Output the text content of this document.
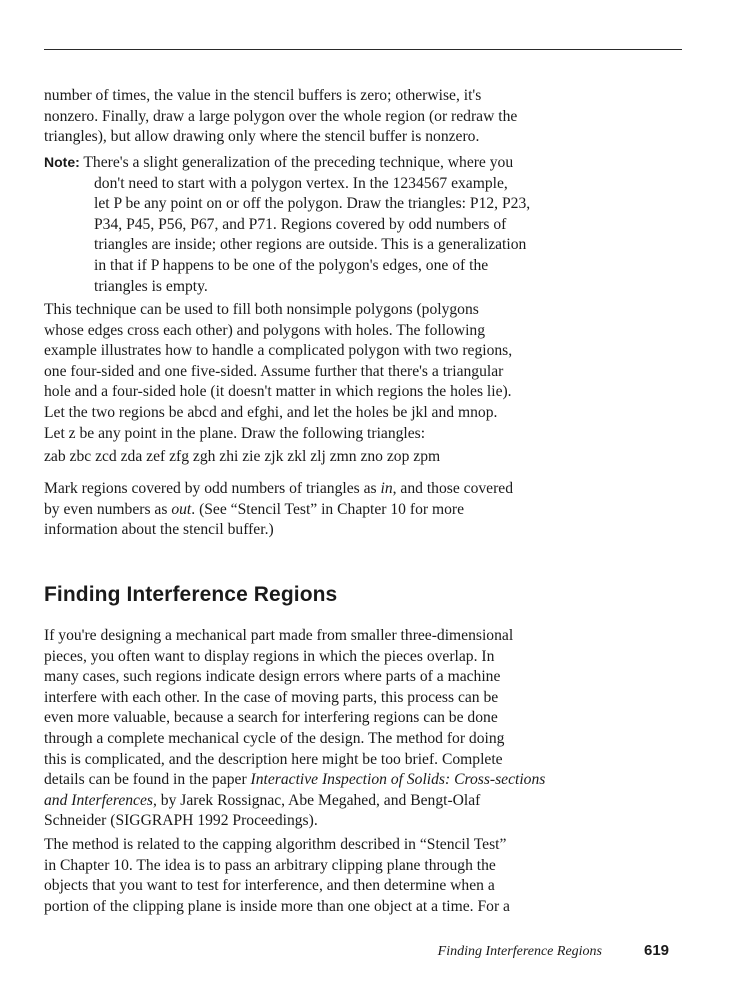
number of times, the value in the stencil buffers is zero; otherwise, it's
nonzero. Finally, draw a large polygon over the whole region (or redraw the
triangles), but allow drawing only where the stencil buffer is nonzero.

Note: There's a slight generalization of the preceding technique, where you
don't need to start with a polygon vertex. In the 1234567 example,
let P be any point on or off the polygon. Draw the triangles: P12, P23,
P34, P45, P56, P67, and P71. Regions covered by odd numbers of
triangles are inside; other regions are outside. This is a generalization
in that if P happens to be one of the polygon's edges, one of the
triangles is empty.

This technique can be used to fill both nonsimple polygons (polygons
whose edges cross each other) and polygons with holes. The following
example illustrates how to handle a complicated polygon with two regions,
one four-sided and one five-sided. Assume further that there's a triangular
hole and a four-sided hole (it doesn't matter in which regions the holes lie).
Let the two regions be abcd and efghi, and let the holes be jkl and mnop.
Let z be any point in the plane. Draw the following triangles:

zab zbc zcd zda zef zfg zgh zhi zie zjk zkl zlj zmn zno zop zpm

Mark regions covered by odd numbers of triangles as in, and those covered
by even numbers as out. (See “Stencil Test” in Chapter 10 for more
information about the stencil buffer.)

Finding Interference Regions

If you're designing a mechanical part made from smaller three-dimensional
pieces, you often want to display regions in which the pieces overlap. In
many cases, such regions indicate design errors where parts of a machine
interfere with each other. In the case of moving parts, this process can be
even more valuable, because a search for interfering regions can be done
through a complete mechanical cycle of the design. The method for doing
this is complicated, and the description here might be too brief. Complete
details can be found in the paper Interactive Inspection of Solids: Cross-sections
and Interferences, by Jarek Rossignac, Abe Megahed, and Bengt-Olaf
Schneider (SIGGRAPH 1992 Proceedings).

The method is related to the capping algorithm described in “Stencil Test”
in Chapter 10. The idea is to pass an arbitrary clipping plane through the
objects that you want to test for interference, and then determine when a
portion of the clipping plane is inside more than one object at a time. For a

Finding Interference Regions	619
